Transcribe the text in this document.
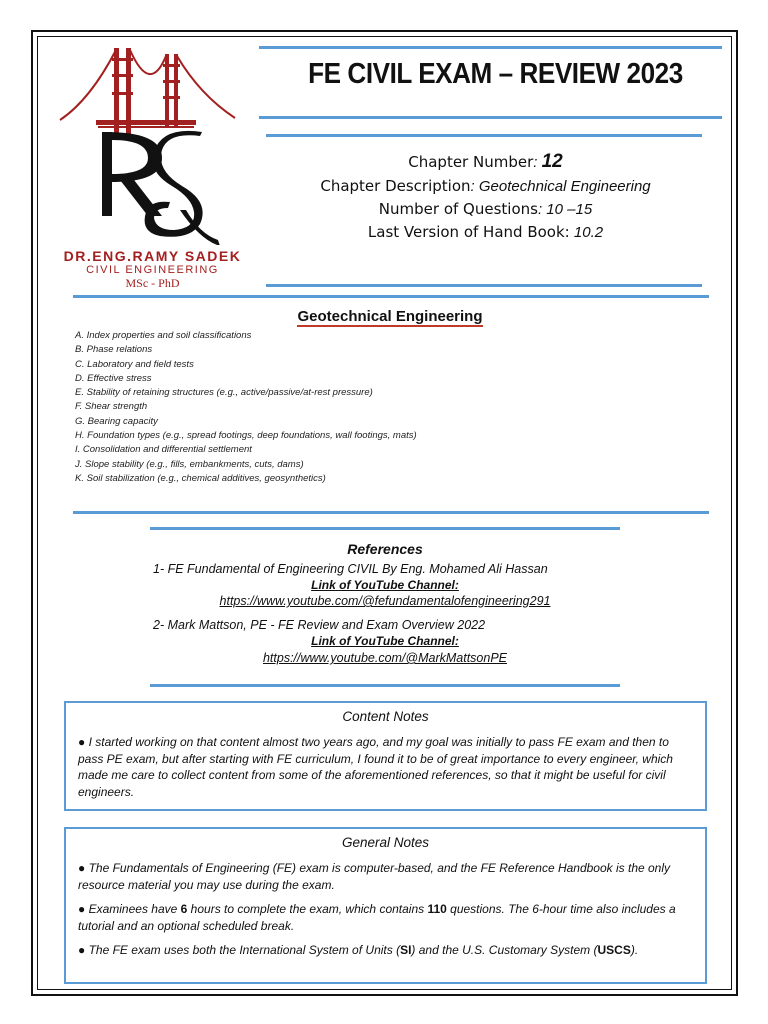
DR.ENG.RAMY SADEK
CIVIL ENGINEERING
MSc - PhD
FE CIVIL EXAM – REVIEW 2023
Chapter Number: 12
Chapter Description: Geotechnical Engineering
Number of Questions: 10 –15
Last Version of Hand Book: 10.2
Geotechnical Engineering
A. Index properties and soil classifications
B. Phase relations
C. Laboratory and field tests
D. Effective stress
E. Stability of retaining structures (e.g., active/passive/at-rest pressure)
F. Shear strength
G. Bearing capacity
H. Foundation types (e.g., spread footings, deep foundations, wall footings, mats)
I. Consolidation and differential settlement
J. Slope stability (e.g., fills, embankments, cuts, dams)
K. Soil stabilization (e.g., chemical additives, geosynthetics)
References
1- FE Fundamental of Engineering CIVIL By Eng. Mohamed Ali Hassan
Link of YouTube Channel:
https://www.youtube.com/@fefundamentalofengineering291
2- Mark Mattson, PE - FE Review and Exam Overview 2022
Link of YouTube Channel:
https://www.youtube.com/@MarkMattsonPE
Content Notes
● I started working on that content almost two years ago, and my goal was initially to pass FE exam and then to pass PE exam, but after starting with FE curriculum, I found it to be of great importance to every engineer, which made me care to collect content from some of the aforementioned references, so that it might be useful for civil engineers.
General Notes
● The Fundamentals of Engineering (FE) exam is computer-based, and the FE Reference Handbook is the only resource material you may use during the exam.
● Examinees have 6 hours to complete the exam, which contains 110 questions. The 6-hour time also includes a tutorial and an optional scheduled break.
● The FE exam uses both the International System of Units (SI) and the U.S. Customary System (USCS).
